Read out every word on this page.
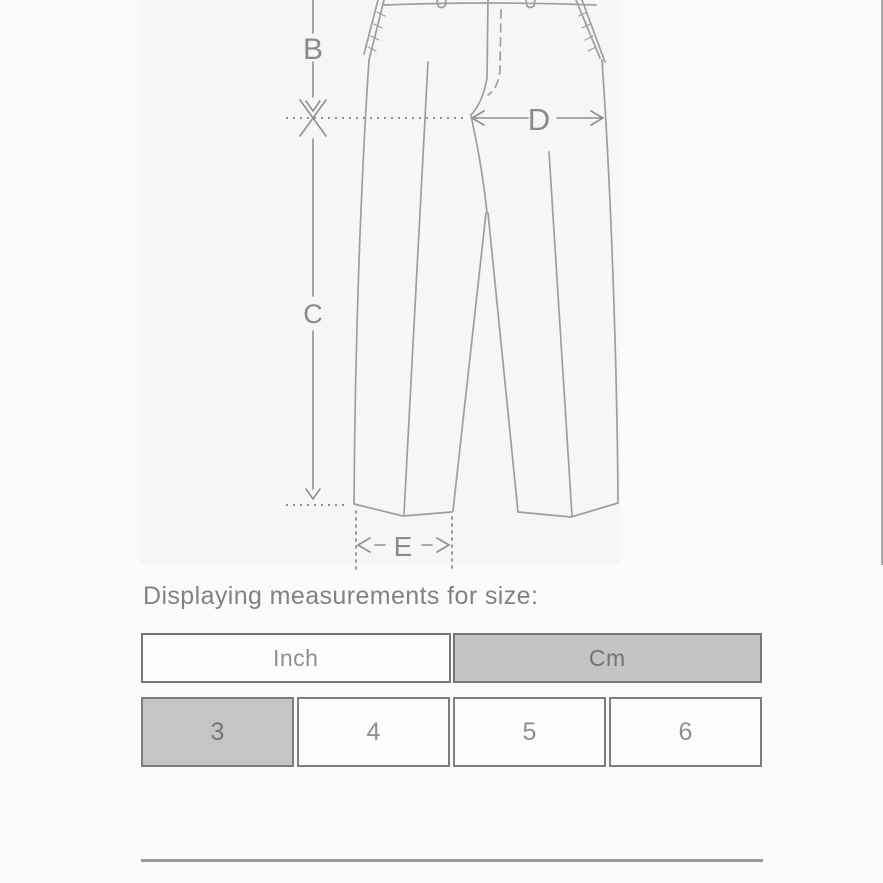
B
D
C
E
Displaying measurements for size:
Inch	Cm
3	4	5	6
